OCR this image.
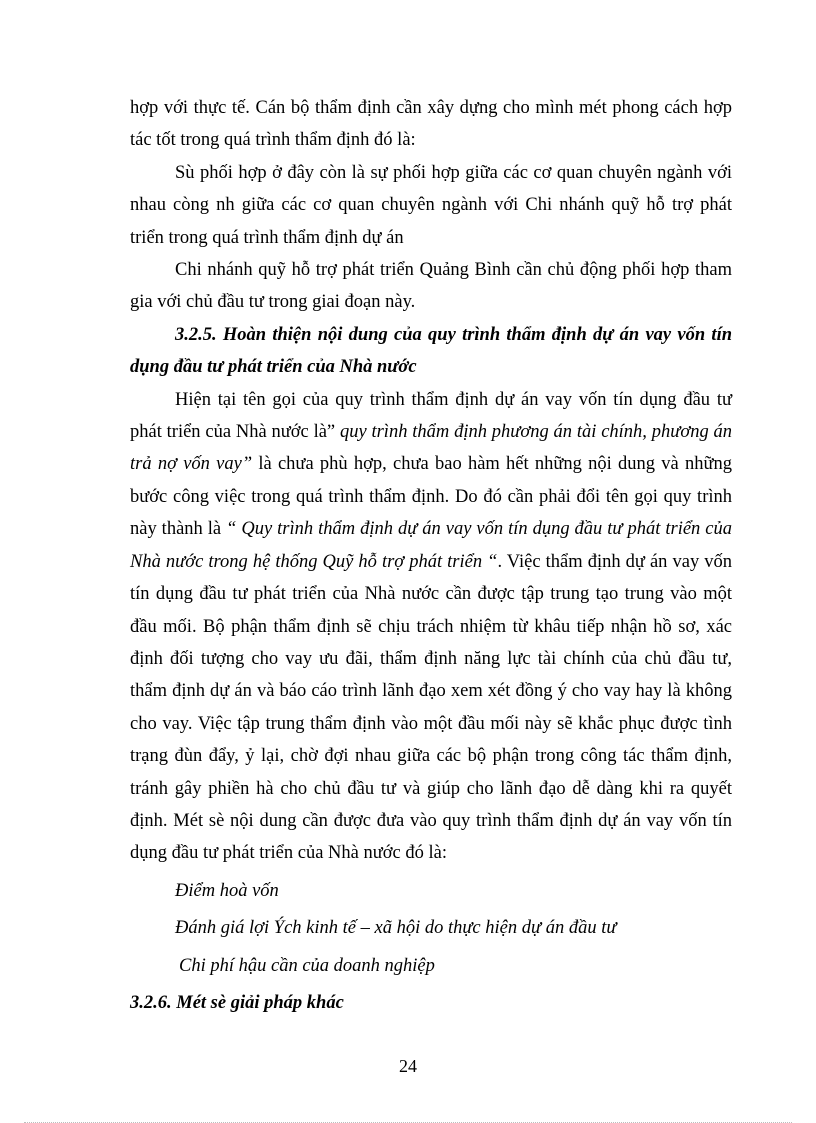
hợp với thực tế. Cán bộ thẩm định cần xây dựng cho mình mét phong cách hợp tác tốt trong quá trình thẩm định đó là:

Sù phối hợp ở đây còn là sự phối hợp giữa các cơ quan chuyên ngành với nhau còng nh giữa các cơ quan chuyên ngành với Chi nhánh quỹ hỗ trợ phát triển trong quá trình thẩm định dự án

Chi nhánh quỹ hỗ trợ phát triển Quảng Bình cần chủ động phối hợp tham gia với chủ đầu tư trong giai đoạn này.

3.2.5. Hoàn thiện nội dung của quy trình thẩm định dự án vay vốn tín dụng đầu tư phát triển của Nhà nước

Hiện tại tên gọi của quy trình thẩm định dự án vay vốn tín dụng đầu tư phát triển của Nhà nước là” quy trình thẩm định phương án tài chính, phương án trả nợ vốn vay” là chưa phù hợp, chưa bao hàm hết những nội dung và những bước công việc trong quá trình thẩm định. Do đó cần phải đổi tên gọi quy trình này thành là “ Quy trình thẩm định dự án vay vốn tín dụng đầu tư phát triển của Nhà nước trong hệ thống Quỹ hỗ trợ phát triển “. Việc thẩm định dự án vay vốn tín dụng đầu tư phát triển của Nhà nước cần được tập trung tạo trung vào một đầu mối. Bộ phận thẩm định sẽ chịu trách nhiệm từ khâu tiếp nhận hồ sơ, xác định đối tượng cho vay ưu đãi, thẩm định năng lực tài chính của chủ đầu tư, thẩm định dự án và báo cáo trình lãnh đạo xem xét đồng ý cho vay hay là không cho vay. Việc tập trung thẩm định vào một đầu mối này sẽ khắc phục được tình trạng đùn đẩy, ỷ lại, chờ đợi nhau giữa các bộ phận trong công tác thẩm định, tránh gây phiền hà cho chủ đầu tư và giúp cho lãnh đạo dễ dàng khi ra quyết định. Mét sè nội dung cần được đưa vào quy trình thẩm định dự án vay vốn tín dụng đầu tư phát triển của Nhà nước đó là:

Điểm hoà vốn

Đánh giá lợi Ých kinh tế – xã hội do thực hiện dự án đầu tư

Chi phí hậu cần của doanh nghiệp

3.2.6. Mét sè giải pháp khác

24
